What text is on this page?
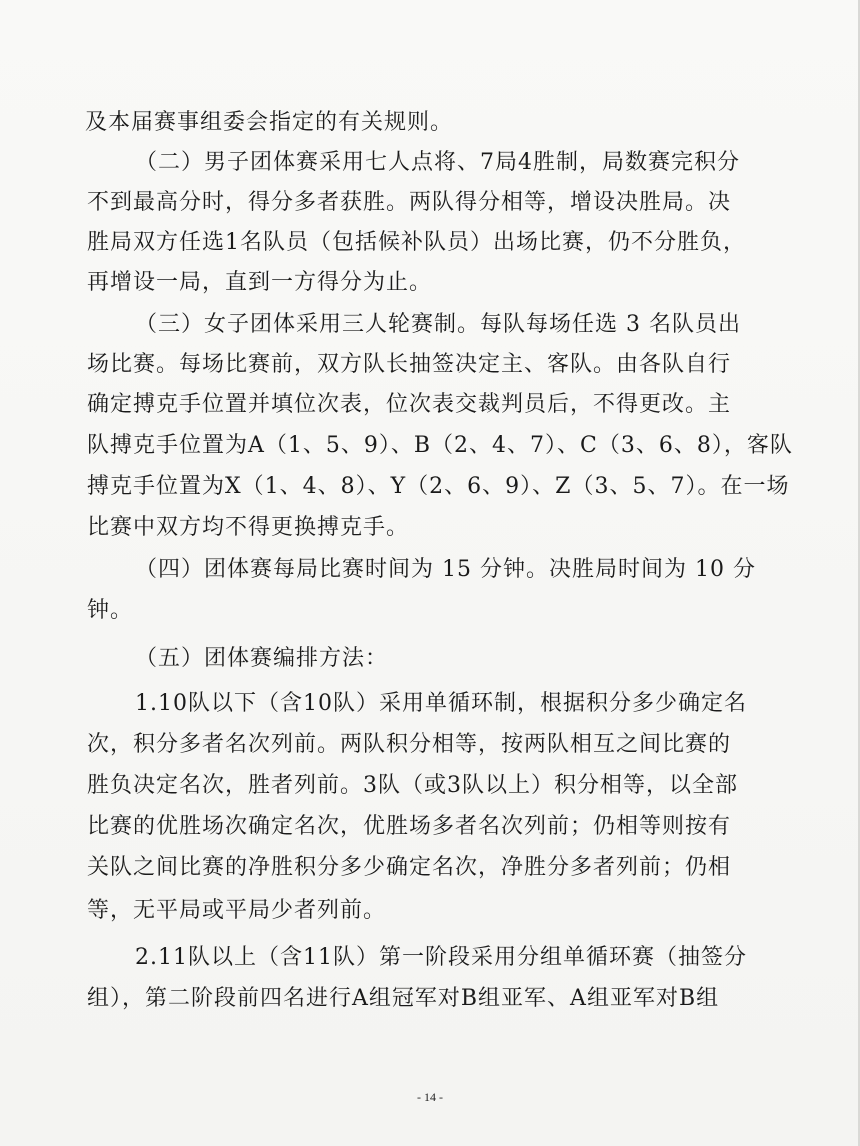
及本届赛事组委会指定的有关规则。
（二）男子团体赛采用七人点将、7局4胜制，局数赛完积分
不到最高分时，得分多者获胜。两队得分相等，增设决胜局。决
胜局双方任选1名队员（包括候补队员）出场比赛，仍不分胜负，
再增设一局，直到一方得分为止。
（三）女子团体采用三人轮赛制。每队每场任选 3 名队员出
场比赛。每场比赛前，双方队长抽签决定主、客队。由各队自行
确定搏克手位置并填位次表，位次表交裁判员后，不得更改。主
队搏克手位置为A（1、5、9）、B（2、4、7）、C（3、6、8），客队
搏克手位置为X（1、4、8）、Y（2、6、9）、Z（3、5、7）。在一场
比赛中双方均不得更换搏克手。
（四）团体赛每局比赛时间为 15 分钟。决胜局时间为 10 分
钟。
（五）团体赛编排方法：
1.10队以下（含10队）采用单循环制，根据积分多少确定名
次，积分多者名次列前。两队积分相等，按两队相互之间比赛的
胜负决定名次，胜者列前。3队（或3队以上）积分相等，以全部
比赛的优胜场次确定名次，优胜场多者名次列前；仍相等则按有
关队之间比赛的净胜积分多少确定名次，净胜分多者列前；仍相
等，无平局或平局少者列前。
2.11队以上（含11队）第一阶段采用分组单循环赛（抽签分
组），第二阶段前四名进行A组冠军对B组亚军、A组亚军对B组
- 14 -
